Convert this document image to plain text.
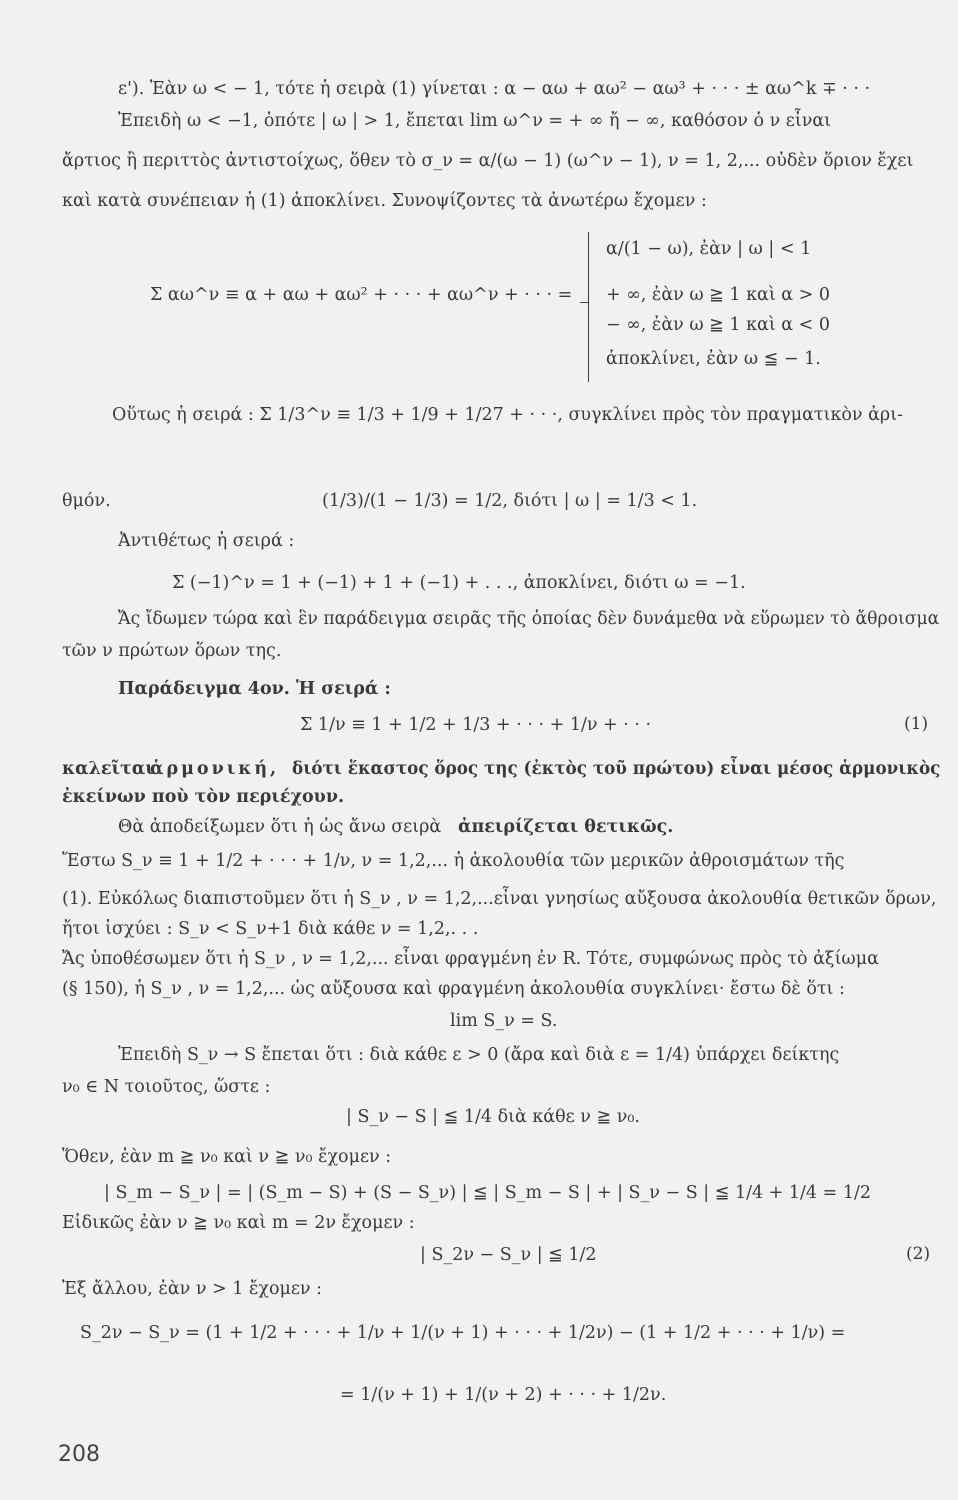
ε'). Ἐὰν ω < − 1, τότε ἡ σειρὰ (1) γίνεται : α − αω + αω² − αω³ + · · · ± αω^k ∓ · · ·
Ἐπειδὴ ω < −1, ὁπότε | ω | > 1, ἔπεται lim ω^ν = + ∞ ἤ − ∞, καθόσον ὁ ν εἶναι
ἄρτιος ἢ περιττὸς ἀντιστοίχως, ὅθεν τὸ σ_ν = α/(ω − 1) (ω^ν − 1), ν = 1, 2,... οὐδὲν ὅριον ἔχει
καὶ κατὰ συνέπειαν ἡ (1) ἀποκλίνει. Συνοψίζοντες τὰ ἀνωτέρω ἔχομεν :
α/(1 − ω), ἐὰν | ω | < 1
Σ αω^ν ≡ α + αω + αω² + · · · + αω^ν + · · · = + ∞, ἐὰν ω ≧ 1 καὶ α > 0
− ∞, ἐὰν ω ≧ 1 καὶ α < 0
ἀποκλίνει, ἐὰν ω ≦ − 1.
Οὕτως ἡ σειρά : Σ 1/3^ν ≡ 1/3 + 1/9 + 1/27 + · · ·, συγκλίνει πρὸς τὸν πραγματικὸν ἀρι-
θμόν.	(1/3)/(1 − 1/3) = 1/2, διότι | ω | = 1/3 < 1.
Ἀντιθέτως ἡ σειρά :
Σ (−1)^ν = 1 + (−1) + 1 + (−1) + . . ., ἀποκλίνει, διότι ω = −1.
Ἄς ἴδωμεν τώρα καὶ ἓν παράδειγμα σειρᾶς τῆς ὁποίας δὲν δυνάμεθα νὰ εὕρωμεν τὸ ἄθροισμα
τῶν ν πρώτων ὅρων της.
Παράδειγμα 4ον. Ἡ σειρά :
Σ 1/ν ≡ 1 + 1/2 + 1/3 + · · · + 1/ν + · · ·	(1)
καλεῖται
ἁρμονική, διότι ἕκαστος ὅρος της (ἐκτὸς τοῦ πρώτου) εἶναι μέσος ἁρμονικὸς
ἐκείνων ποὺ τὸν περιέχουν.
Θὰ ἀποδείξωμεν ὅτι ἡ ὡς ἄνω σειρὰ ἀπειρίζεται θετικῶς.
Ἔστω S_ν ≡ 1 + 1/2 + · · · + 1/ν, ν = 1,2,... ἡ ἀκολουθία τῶν μερικῶν ἀθροισμάτων τῆς
(1). Εὐκόλως διαπιστοῦμεν ὅτι ἡ S_ν , ν = 1,2,...εἶναι γνησίως αὔξουσα ἀκολουθία θετικῶν ὅρων,
ἤτοι ἰσχύει : S_ν < S_ν+1 διὰ κάθε ν = 1,2,. . .
Ἄς ὑποθέσωμεν ὅτι ἡ S_ν , ν = 1,2,... εἶναι φραγμένη ἐν R. Τότε, συμφώνως πρὸς τὸ ἀξίωμα
(§ 150), ἡ S_ν , ν = 1,2,... ὡς αὔξουσα καὶ φραγμένη ἀκολουθία συγκλίνει· ἔστω δὲ ὅτι :
lim S_ν = S.
Ἐπειδὴ S_ν → S ἔπεται ὅτι : διὰ κάθε ε > 0 (ἄρα καὶ διὰ ε = 1/4) ὑπάρχει δείκτης
ν₀ ∈ N τοιοῦτος, ὥστε :
| S_ν − S | ≦ 1/4 διὰ κάθε ν ≧ ν₀.
Ὅθεν, ἐὰν m ≧ ν₀ καὶ ν ≧ ν₀ ἔχομεν :
| S_m − S_ν | = | (S_m − S) + (S − S_ν) | ≦ | S_m − S | + | S_ν − S | ≦ 1/4 + 1/4 = 1/2
Εἰδικῶς ἐὰν ν ≧ ν₀ καὶ m = 2ν ἔχομεν :
| S_2ν − S_ν | ≦ 1/2	(2)
Ἐξ ἄλλου, ἐὰν ν > 1 ἔχομεν :
S_2ν − S_ν = (1 + 1/2 + · · · + 1/ν + 1/(ν + 1) + · · · + 1/2ν) − (1 + 1/2 + · · · + 1/ν) =
= 1/(ν + 1) + 1/(ν + 2) + · · · + 1/2ν.
208
